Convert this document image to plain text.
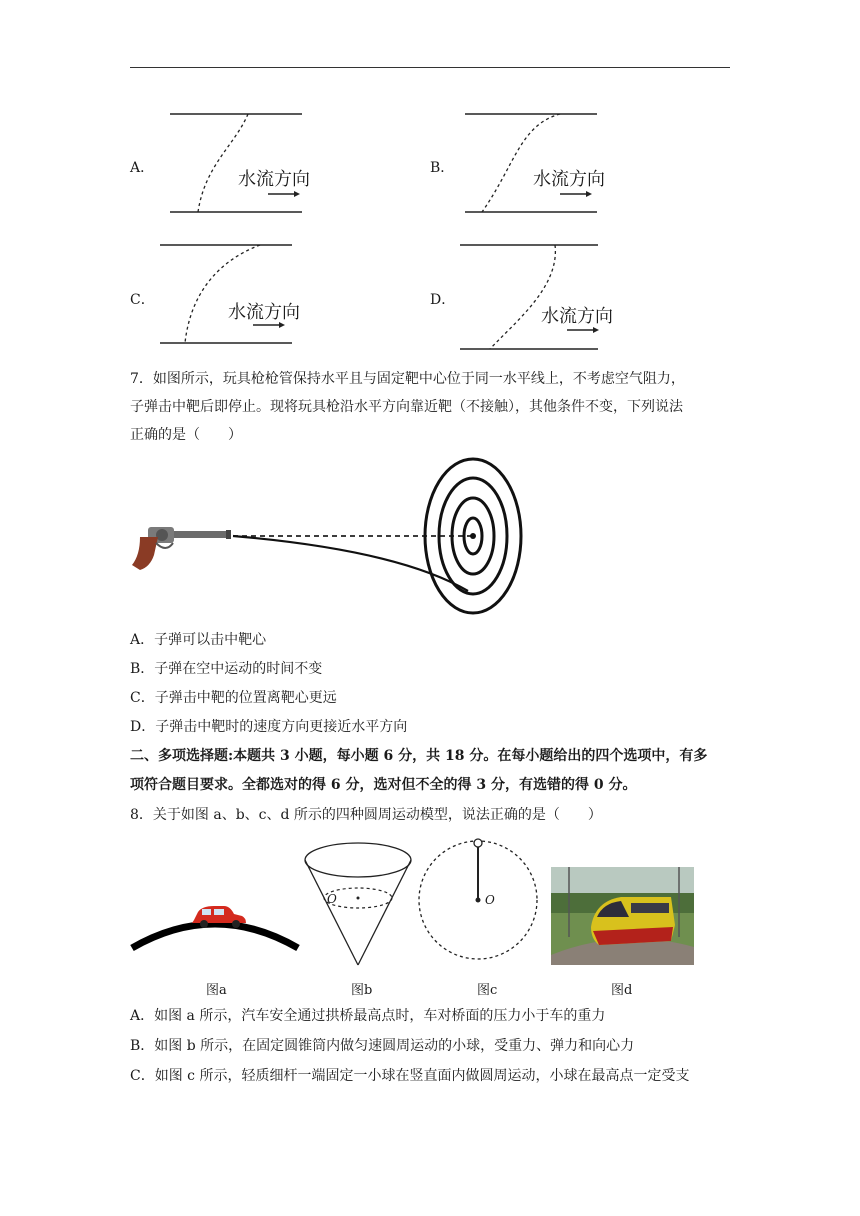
A．
水流方向
B．
水流方向
C．
水流方向
D．
水流方向
7．如图所示，玩具枪枪管保持水平且与固定靶中心位于同一水平线上，不考虑空气阻力，
子弹击中靶后即停止。现将玩具枪沿水平方向靠近靶（不接触），其他条件不变，下列说法
正确的是（　　）
A．子弹可以击中靶心
B．子弹在空中运动的时间不变
C．子弹击中靶的位置离靶心更远
D．子弹击中靶时的速度方向更接近水平方向
二、多项选择题:本题共 3 小题，每小题 6 分，共 18 分。在每小题给出的四个选项中，有多
项符合题目要求。全都选对的得 6 分，选对但不全的得 3 分，有选错的得 0 分。
8．关于如图 a、b、c、d 所示的四种圆周运动模型，说法正确的是（　　）
图a
O
图b
O
图c	图d
A．如图 a 所示，汽车安全通过拱桥最高点时，车对桥面的压力小于车的重力
B．如图 b 所示，在固定圆锥筒内做匀速圆周运动的小球，受重力、弹力和向心力
C．如图 c 所示，轻质细杆一端固定一小球在竖直面内做圆周运动，小球在最高点一定受支
